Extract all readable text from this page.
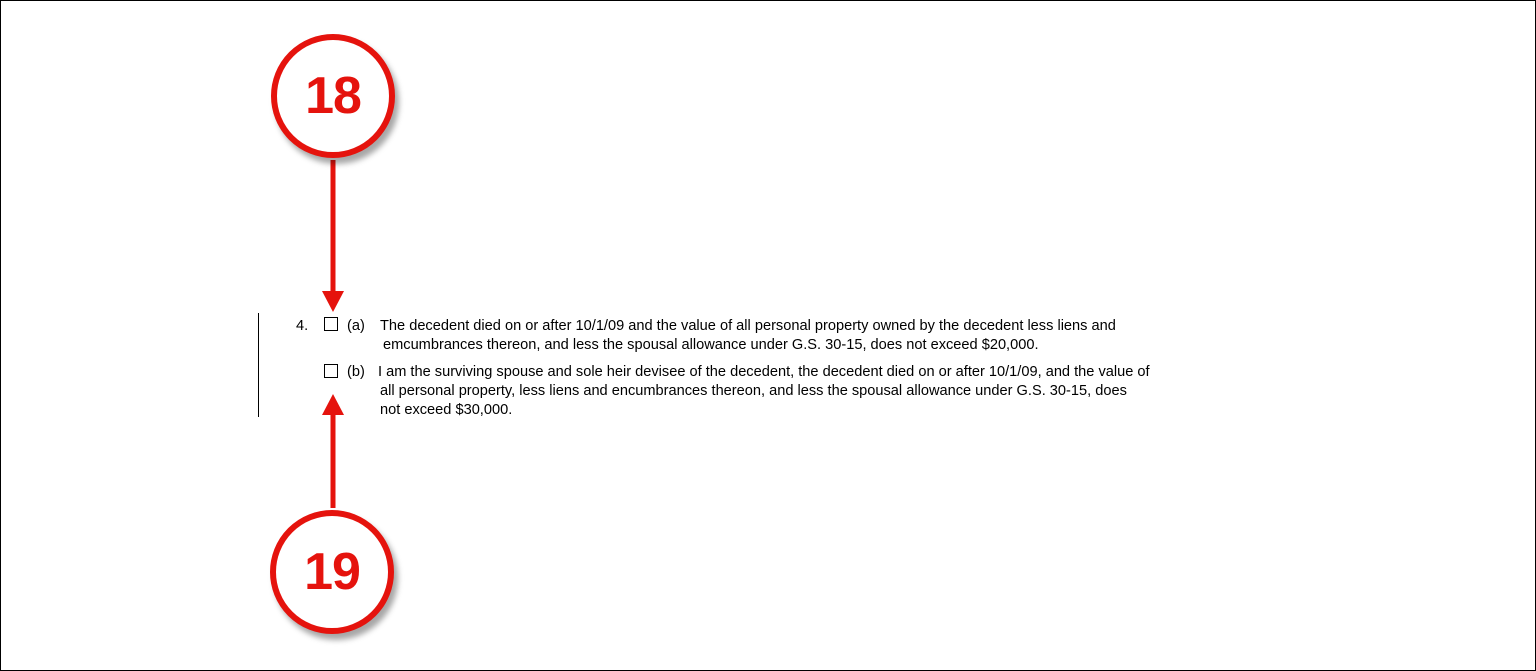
18
19
4.	(a) The decedent died on or after 10/1/09 and the value of all personal property owned by the decedent less liens and
emcumbrances thereon, and less the spousal allowance under G.S. 30-15, does not exceed $20,000.
(b) I am the surviving spouse and sole heir devisee of the decedent, the decedent died on or after 10/1/09, and the value of
all personal property, less liens and encumbrances thereon, and less the spousal allowance under G.S. 30-15, does
not exceed $30,000.
